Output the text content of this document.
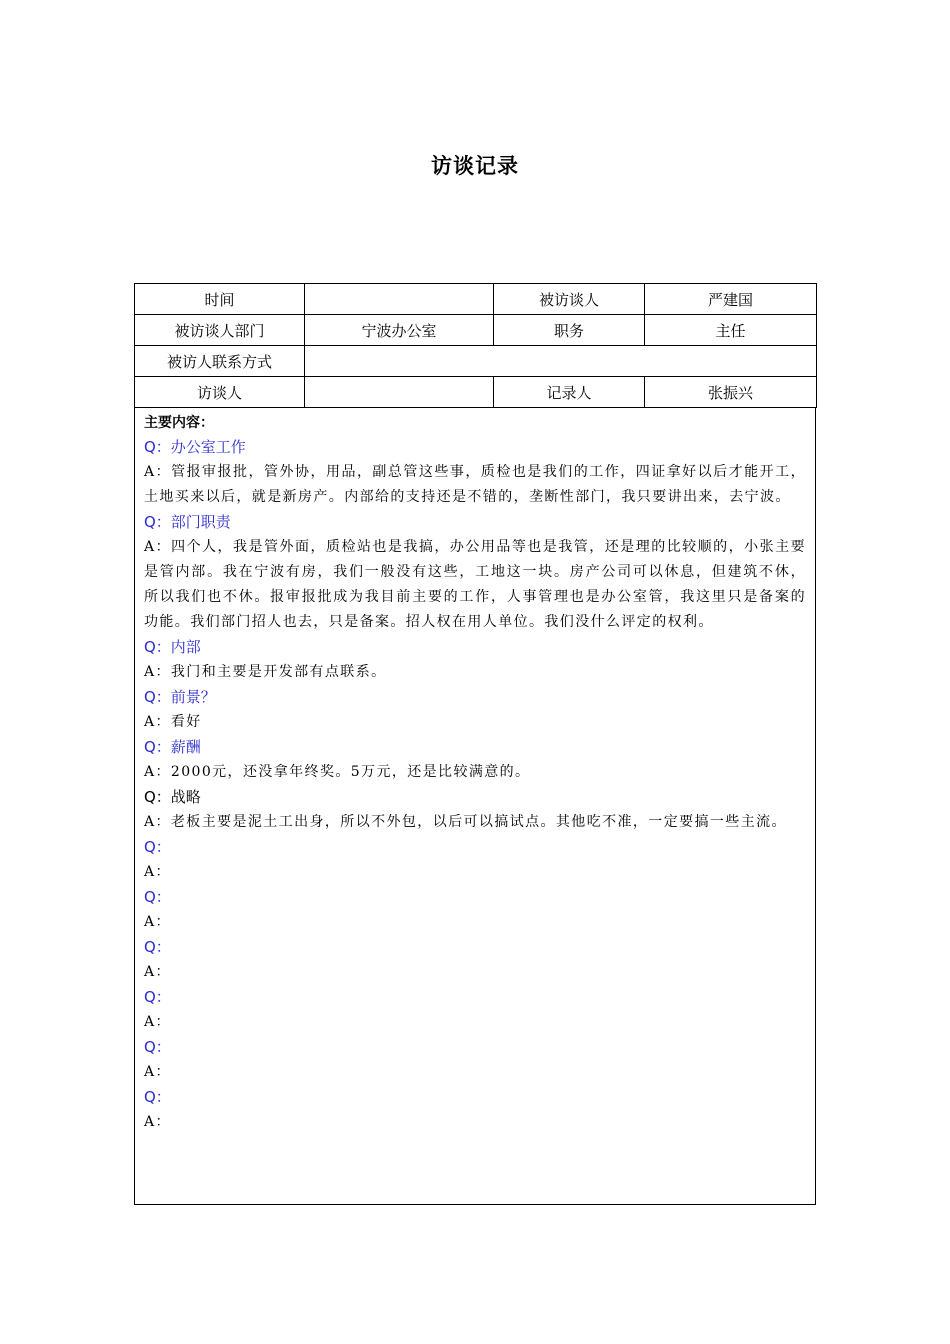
访谈记录
时间		被访谈人	严建国
被访谈人部门	宁波办公室	职务	主任
被访人联系方式			
访谈人		记录人	张振兴
主要内容：
Q：办公室工作
A：管报审报批，管外协，用品，副总管这些事，质检也是我们的工作，四证拿好以后才能开工，土地买来以后，就是新房产。内部给的支持还是不错的，垄断性部门，我只要讲出来，去宁波。
Q：部门职责
A：四个人，我是管外面，质检站也是我搞，办公用品等也是我管，还是理的比较顺的，小张主要是管内部。我在宁波有房，我们一般没有这些，工地这一块。房产公司可以休息，但建筑不休，所以我们也不休。报审报批成为我目前主要的工作，人事管理也是办公室管，我这里只是备案的功能。我们部门招人也去，只是备案。招人权在用人单位。我们没什么评定的权利。
Q：内部
A：我门和主要是开发部有点联系。
Q：前景？
A：看好
Q：薪酬
A：2000元，还没拿年终奖。5万元，还是比较满意的。
Q：战略
A：老板主要是泥土工出身，所以不外包，以后可以搞试点。其他吃不准，一定要搞一些主流。
Q：
A：
Q：
A：
Q：
A：
Q：
A：
Q：
A：
Q：
A：
